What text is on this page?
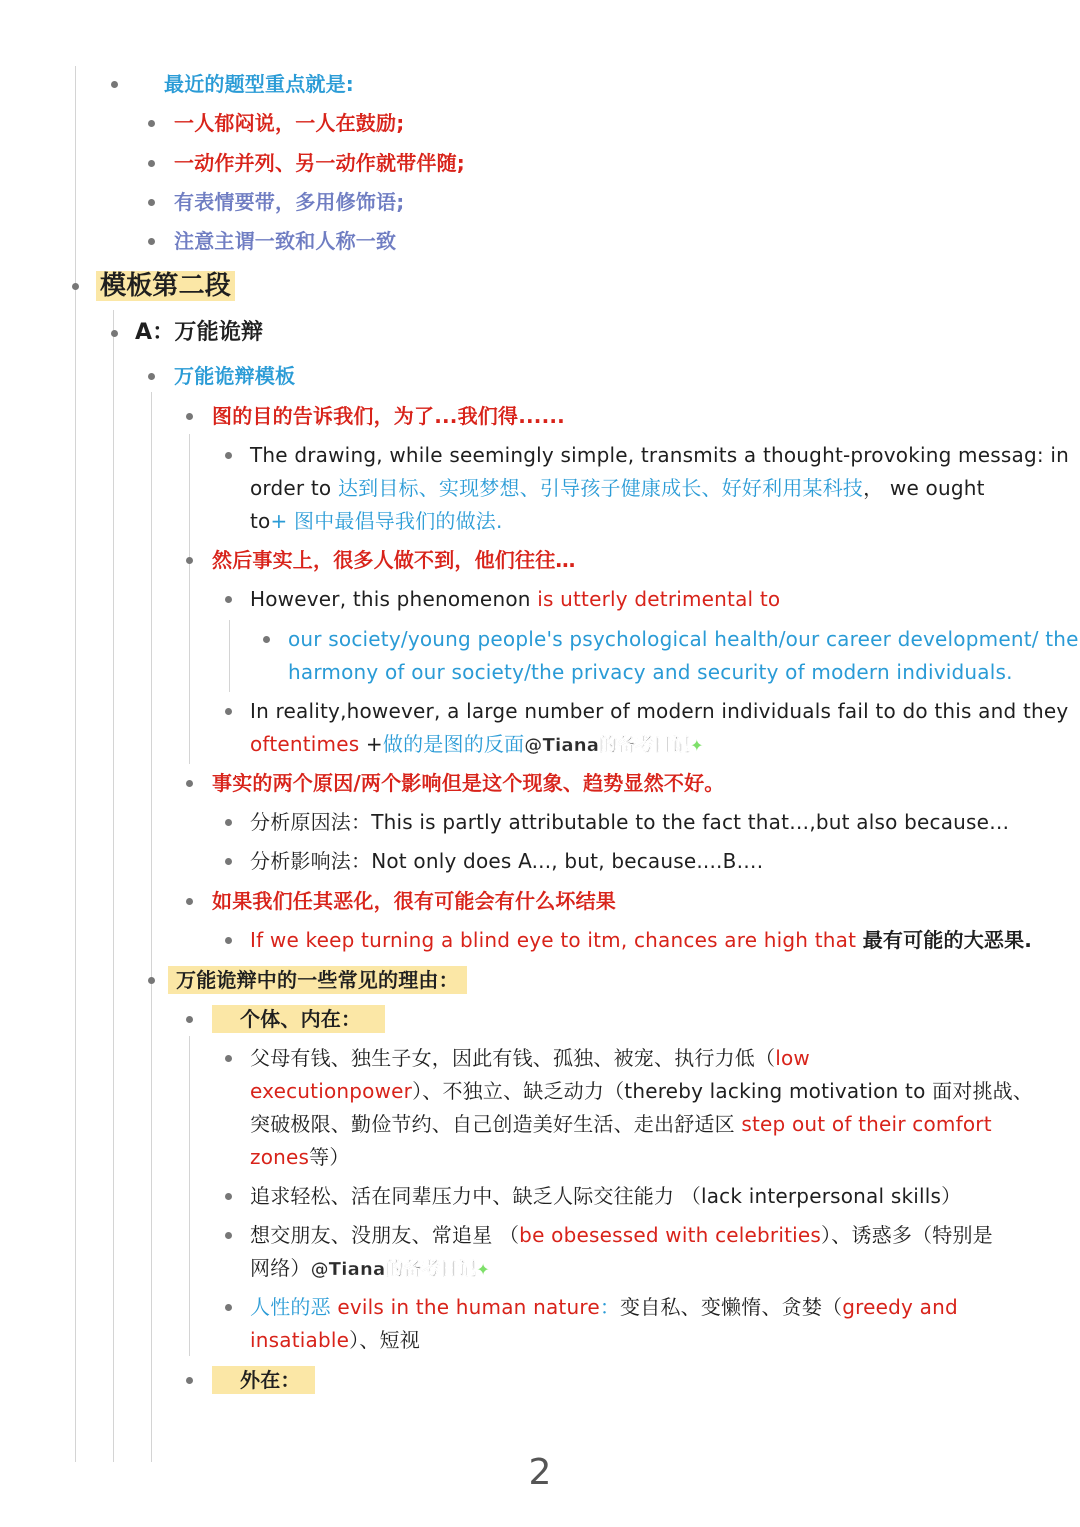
最近的题型重点就是:
一人郁闷说，一人在鼓励;
一动作并列、另一动作就带伴随;
有表情要带，多用修饰语;
注意主谓一致和人称一致
模板第二段
A：万能诡辩
万能诡辩模板
图的目的告诉我们，为了...我们得......
The drawing, while seemingly simple, transmits a thought-provoking messag: in
order to 达到目标、实现梦想、引导孩子健康成长、好好利用某科技， we ought
to+ 图中最倡导我们的做法.
然后事实上，很多人做不到，他们往往…
However, this phenomenon is utterly detrimental to
our society/young people's psychological health/our career development/ the
harmony of our society/the privacy and security of modern individuals.
In reality,however, a large number of modern individuals fail to do this and they
oftentimes +做的是图的反面@Tiana的备考日记✦
事实的两个原因/两个影响但是这个现象、趋势显然不好。
分析原因法：This is partly attributable to the fact that…,but also because…
分析影响法：Not only does A..., but, because....B….
如果我们任其恶化，很有可能会有什么坏结果
If we keep turning a blind eye to itm, chances are high that 最有可能的大恶果.
万能诡辩中的一些常见的理由：
个体、内在：
父母有钱、独生子女，因此有钱、孤独、被宠、执行力低（low
executionpower）、不独立、缺乏动力（thereby lacking motivation to 面对挑战、
突破极限、勤俭节约、自己创造美好生活、走出舒适区 step out of their comfort
zones等）
追求轻松、活在同辈压力中、缺乏人际交往能力 （lack interpersonal skills）
想交朋友、没朋友、常追星 （be obesessed with celebrities）、诱惑多（特别是
网络）@Tiana的备考日记✦
人性的恶 evils in the human nature：变自私、变懒惰、贪婪（greedy and
insatiable）、短视
外在：
2
